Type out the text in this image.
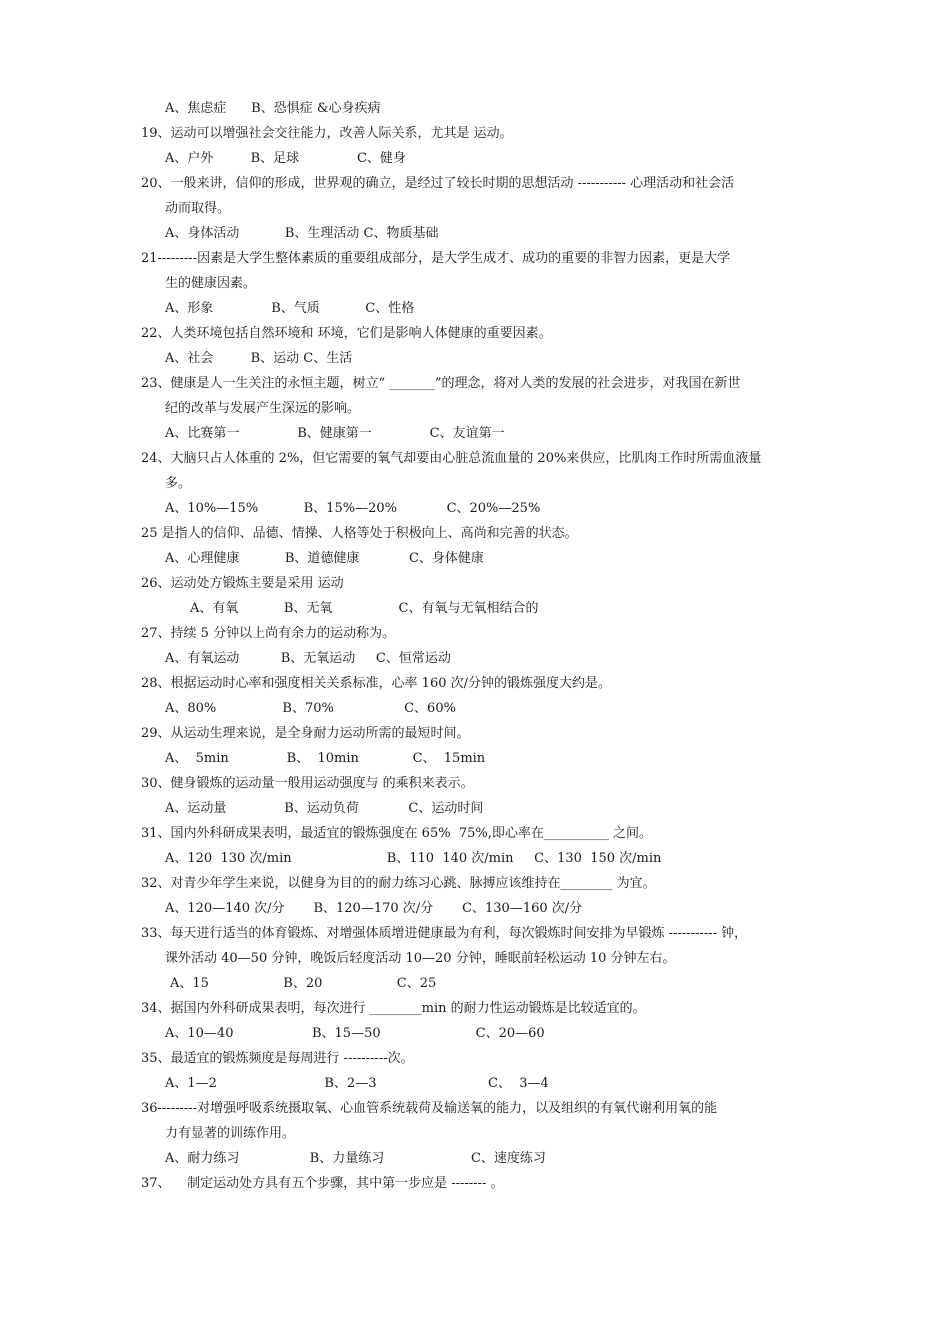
A、焦虑症      B、恐惧症 &心身疾病
19、运动可以增强社会交往能力，改善人际关系，尤其是 运动。
A、户外         B、足球              C、健身
20、一般来讲，信仰的形成，世界观的确立，是经过了较长时期的思想活动 ----------- 心理活动和社会活
动而取得。
A、身体活动           B、生理活动 C、物质基础
21---------因素是大学生整体素质的重要组成部分，是大学生成才、成功的重要的非智力因素，更是大学
生的健康因素。
A、形象              B、气质           C、性格
22、人类环境包括自然环境和 环境，它们是影响人体健康的重要因素。
A、社会         B、运动 C、生活
23、健康是人一生关注的永恒主题，树立“ _______”的理念，将对人类的发展的社会进步，对我国在新世
纪的改革与发展产生深远的影响。
A、比赛第一              B、健康第一              C、友谊第一
24、大脑只占人体重的 2%，但它需要的氧气却要由心脏总流血量的 20%来供应，比肌肉工作时所需血液量
多。
A、10%—15%           B、15%—20%            C、20%—25%
25 是指人的信仰、品德、情操、人格等处于积极向上、高尚和完善的状态。
A、心理健康           B、道德健康            C、身体健康
26、运动处方锻炼主要是采用 运动
A、有氧           B、无氧                C、有氧与无氧相结合的
27、持续 5 分钟以上尚有余力的运动称为。
A、有氧运动          B、无氧运动     C、恒常运动
28、根据运动时心率和强度相关关系标准，心率 160 次/分钟的锻炼强度大约是。
A、80%                B、70%                 C、60%
29、从运动生理来说，是全身耐力运动所需的最短时间。
A、  5min              B、  10min             C、  15min
30、健身锻炼的运动量一般用运动强度与 的乘积来表示。
A、运动量              B、运动负荷            C、运动时间
31、国内外科研成果表明，最适宜的锻炼强度在 65%  75%,即心率在__________ 之间。
A、120  130 次/min                       B、110  140 次/min     C、130  150 次/min
32、对青少年学生来说，以健身为目的的耐力练习心跳、脉搏应该维持在________ 为宜。
A、120—140 次/分       B、120—170 次/分       C、130—160 次/分
33、每天进行适当的体育锻炼、对增强体质增进健康最为有利，每次锻炼时间安排为早锻炼 ----------- 钟，
课外活动 40—50 分钟，晚饭后轻度活动 10—20 分钟，睡眠前轻松运动 10 分钟左右。
A、15                  B、20                  C、25
34、据国内外科研成果表明，每次进行 ________min 的耐力性运动锻炼是比较适宜的。
A、10—40                   B、15—50                       C、20—60
35、最适宜的锻炼频度是每周进行 ----------次。
A、1—2                          B、2—3                           C、  3—4
36---------对增强呼吸系统摄取氧、心血管系统载荷及输送氧的能力，以及组织的有氧代谢利用氧的能
力有显著的训练作用。
A、耐力练习                 B、力量练习                     C、速度练习
37、    制定运动处方具有五个步骤，其中第一步应是 -------- 。
